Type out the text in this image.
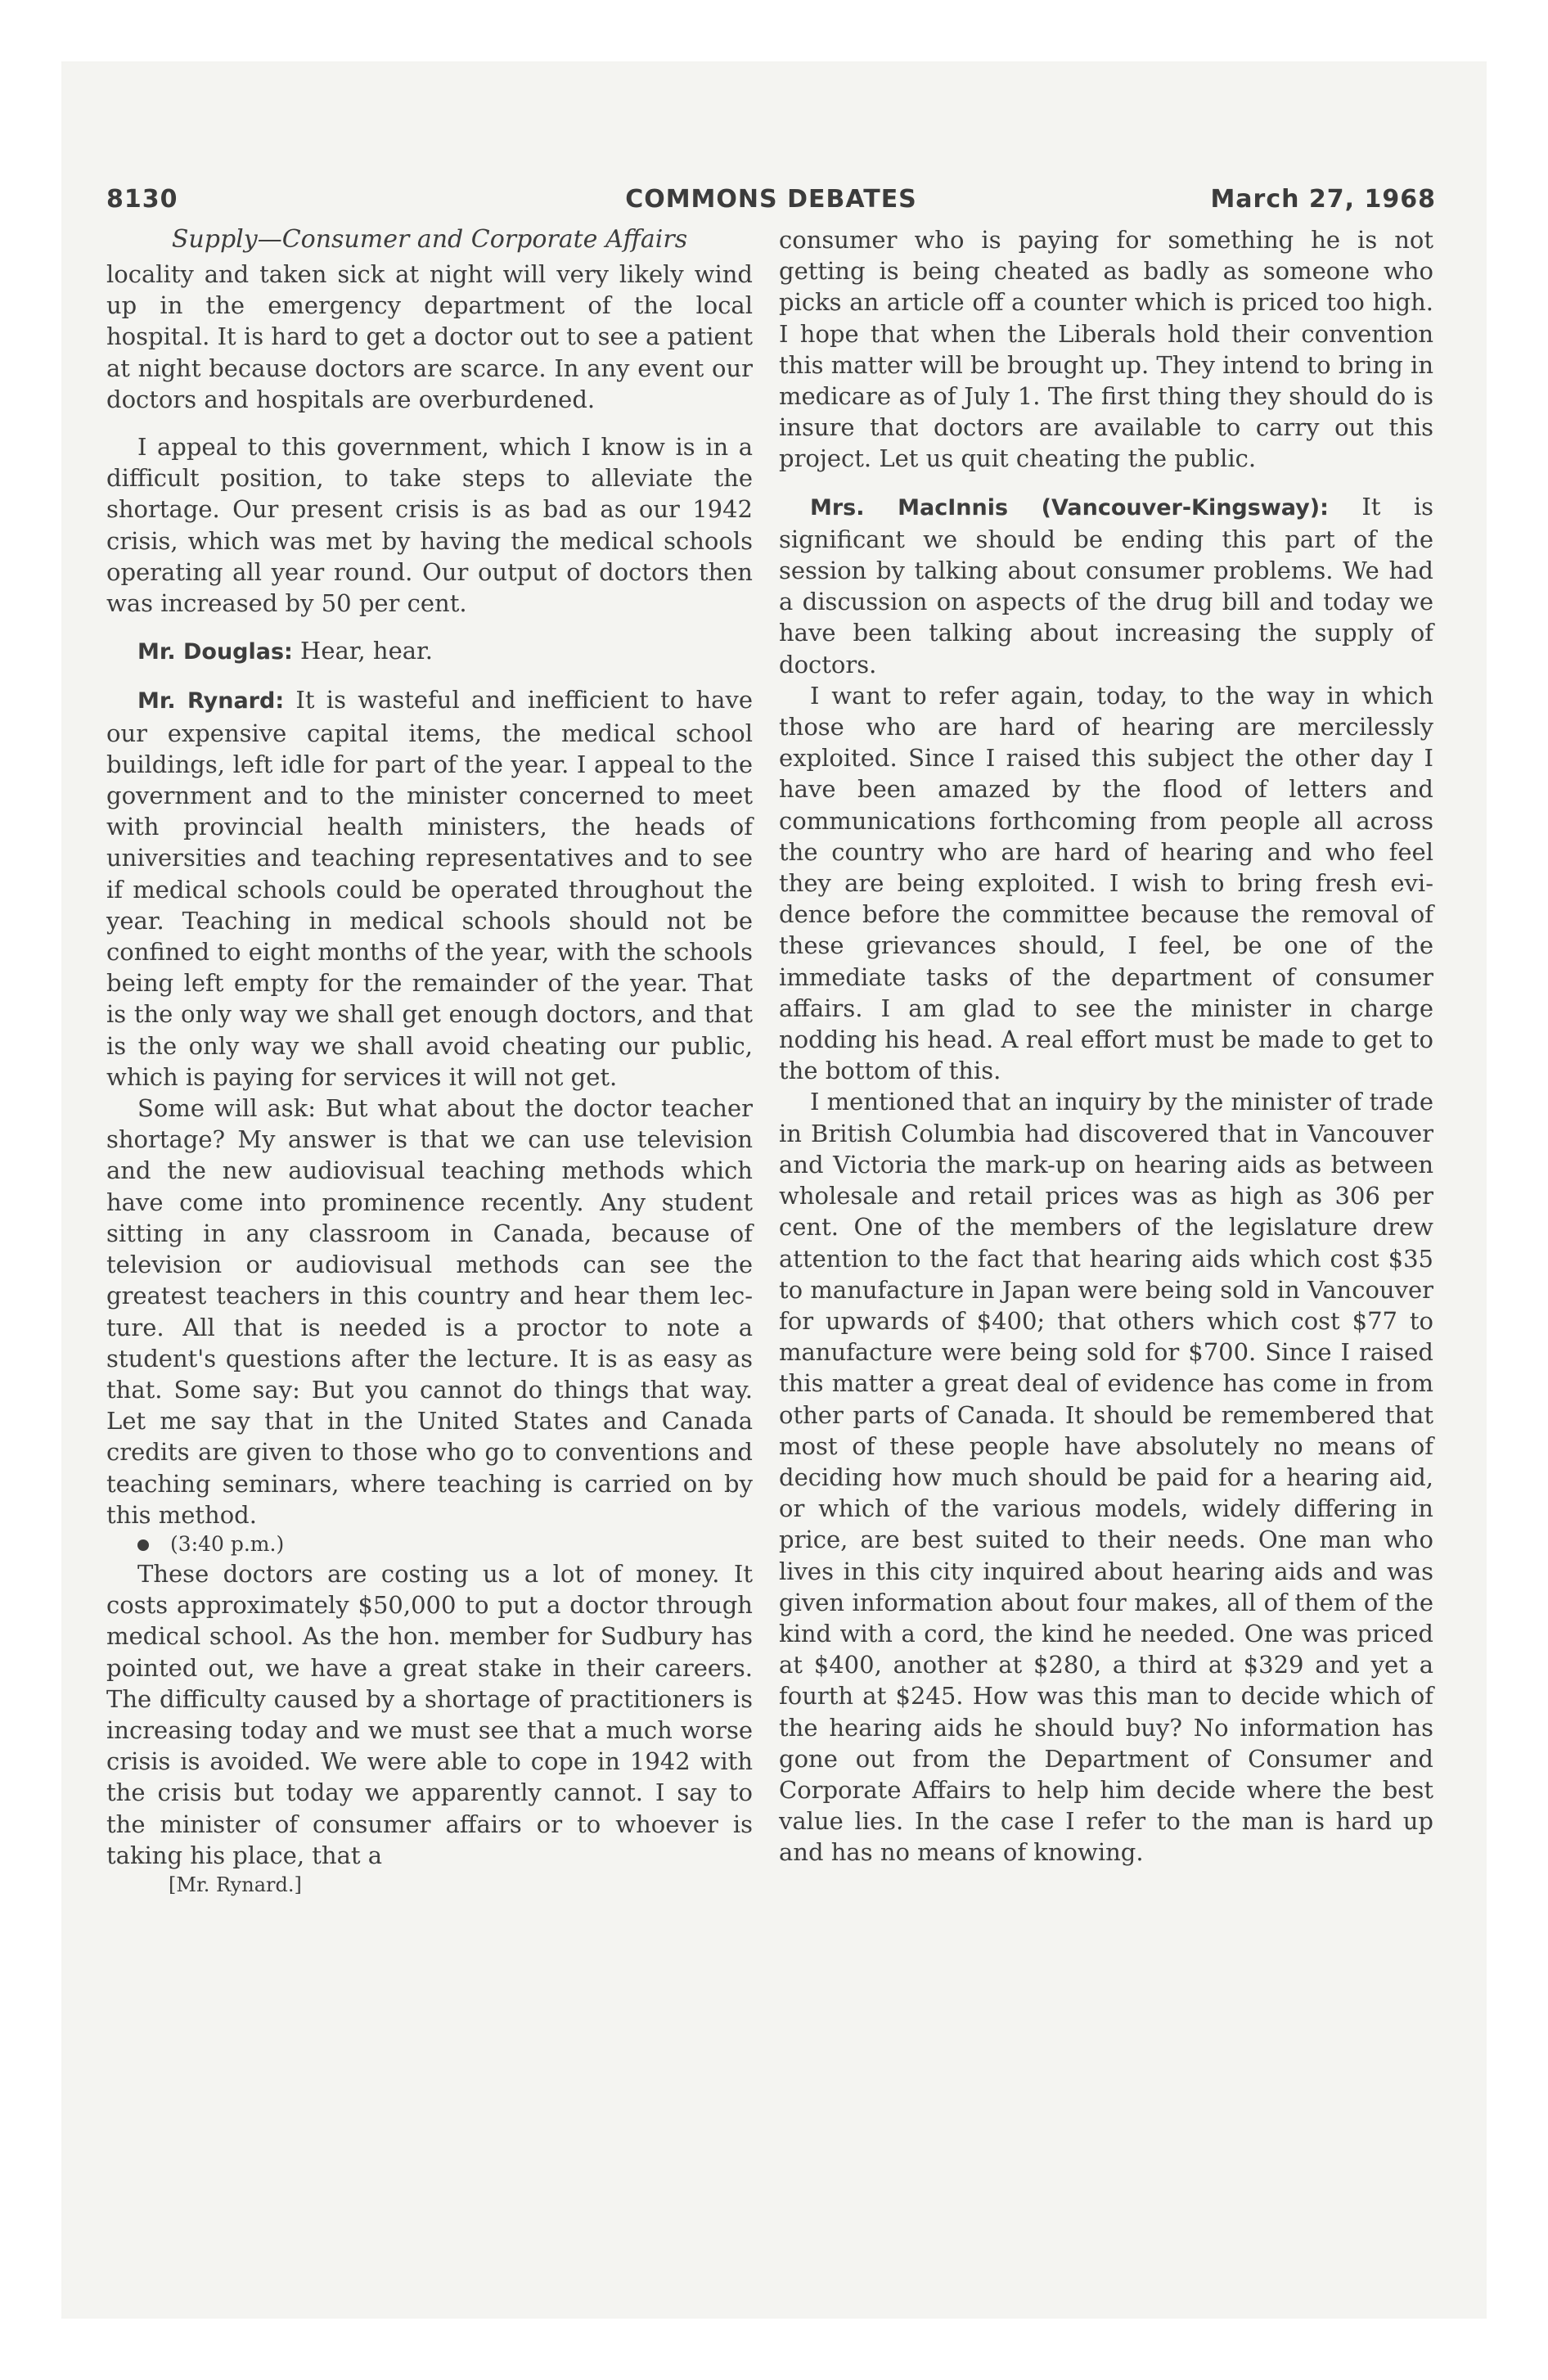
8130	COMMONS DEBATES	March 27, 1968
Supply—Consumer and Corporate Affairs

locality and taken sick at night will very likely wind up in the emergency department of the local hospital. It is hard to get a doctor out to see a patient at night because doctors are scarce. In any event our doctors and hospitals are overburdened.

I appeal to this government, which I know is in a difficult position, to take steps to alleviate the shortage. Our present crisis is as bad as our 1942 crisis, which was met by having the medical schools operating all year round. Our output of doctors then was increased by 50 per cent.

Mr. Douglas: Hear, hear.

Mr. Rynard: It is wasteful and inefficient to have our expensive capital items, the medical school buildings, left idle for part of the year. I appeal to the government and to the minister concerned to meet with provincial health ministers, the heads of universities and teaching representatives and to see if medical schools could be operated throughout the year. Teaching in medical schools should not be confined to eight months of the year, with the schools being left empty for the remainder of the year. That is the only way we shall get enough doctors, and that is the only way we shall avoid cheating our public, which is paying for services it will not get.

Some will ask: But what about the doctor teacher shortage? My answer is that we can use television and the new audiovisual teaching methods which have come into prominence recently. Any student sitting in any classroom in Canada, because of television or audiovisual methods can see the greatest teachers in this country and hear them lecture. All that is needed is a proctor to note a student's questions after the lecture. It is as easy as that. Some say: But you cannot do things that way. Let me say that in the United States and Canada credits are given to those who go to conventions and teaching seminars, where teaching is carried on by this method.

(3:40 p.m.)

These doctors are costing us a lot of money. It costs approximately $50,000 to put a doctor through medical school. As the hon. member for Sudbury has pointed out, we have a great stake in their careers. The difficulty caused by a shortage of practitioners is increasing today and we must see that a much worse crisis is avoided. We were able to cope in 1942 with the crisis but today we apparently cannot. I say to the minister of consumer affairs or to whoever is taking his place, that a

[Mr. Rynard.]

consumer who is paying for something he is not getting is being cheated as badly as someone who picks an article off a counter which is priced too high. I hope that when the Liberals hold their convention this matter will be brought up. They intend to bring in medicare as of July 1. The first thing they should do is insure that doctors are available to carry out this project. Let us quit cheating the public.

Mrs. MacInnis (Vancouver-Kingsway): It is significant we should be ending this part of the session by talking about consumer problems. We had a discussion on aspects of the drug bill and today we have been talking about increasing the supply of doctors.

I want to refer again, today, to the way in which those who are hard of hearing are mercilessly exploited. Since I raised this subject the other day I have been amazed by the flood of letters and communications forthcoming from people all across the country who are hard of hearing and who feel they are being exploited. I wish to bring fresh evidence before the committee because the removal of these grievances should, I feel, be one of the immediate tasks of the department of consumer affairs. I am glad to see the minister in charge nodding his head. A real effort must be made to get to the bottom of this.

I mentioned that an inquiry by the minister of trade in British Columbia had discovered that in Vancouver and Victoria the mark-up on hearing aids as between wholesale and retail prices was as high as 306 per cent. One of the members of the legislature drew attention to the fact that hearing aids which cost $35 to manufacture in Japan were being sold in Vancouver for upwards of $400; that others which cost $77 to manufacture were being sold for $700. Since I raised this matter a great deal of evidence has come in from other parts of Canada. It should be remembered that most of these people have absolutely no means of deciding how much should be paid for a hearing aid, or which of the various models, widely differing in price, are best suited to their needs. One man who lives in this city inquired about hearing aids and was given information about four makes, all of them of the kind with a cord, the kind he needed. One was priced at $400, another at $280, a third at $329 and yet a fourth at $245. How was this man to decide which of the hearing aids he should buy? No information has gone out from the Department of Consumer and Corporate Affairs to help him decide where the best value lies. In the case I refer to the man is hard up and has no means of knowing.
